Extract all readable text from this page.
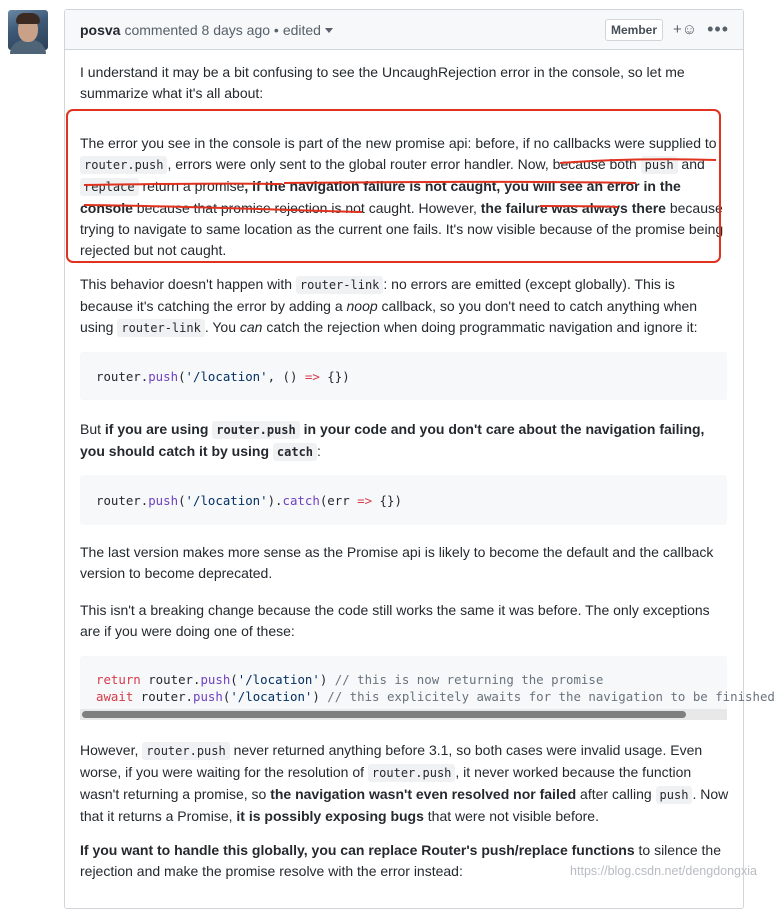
posva commented
8 days ago
• edited	Member	+☺ •••

I understand it may be a bit confusing to see the UncaughRejection error in the console, so let me summarize what it's all about:

The error you see in the console is part of the new promise api: before, if no callbacks were supplied to router.push , errors were only sent to the global router error handler. Now, because both push and replace return a promise, if the navigation failure is not caught, you will see an error in the console because that promise rejection is not caught. However, the failure was always there because trying to navigate to same location as the current one fails. It's now visible because of the promise being rejected but not caught.

This behavior doesn't happen with router-link : no errors are emitted (except globally). This is because it's catching the error by adding a noop callback, so you don't need to catch anything when using router-link . You can catch the rejection when doing programmatic navigation and ignore it:

router.push('/location', () => {})

But if you are using router.push in your code and you don't care about the navigation failing, you should catch it by using catch :

router.push('/location').catch(err => {})

The last version makes more sense as the Promise api is likely to become the default and the callback version to become deprecated.

This isn't a breaking change because the code still works the same it was before. The only exceptions are if you were doing one of these:

return router.push('/location') // this is now returning the promise
await router.push('/location') // this explicitely awaits for the navigation to be finished

However, router.push never returned anything before 3.1, so both cases were invalid usage. Even worse, if you were waiting for the resolution of router.push , it never worked because the function wasn't returning a promise, so the navigation wasn't even resolved nor failed after calling push . Now that it returns a Promise, it is possibly exposing bugs that were not visible before.

If you want to handle this globally, you can replace Router's push/replace functions to silence the rejection and make the promise resolve with the error instead:	https://blog.csdn.net/dengdongxia
